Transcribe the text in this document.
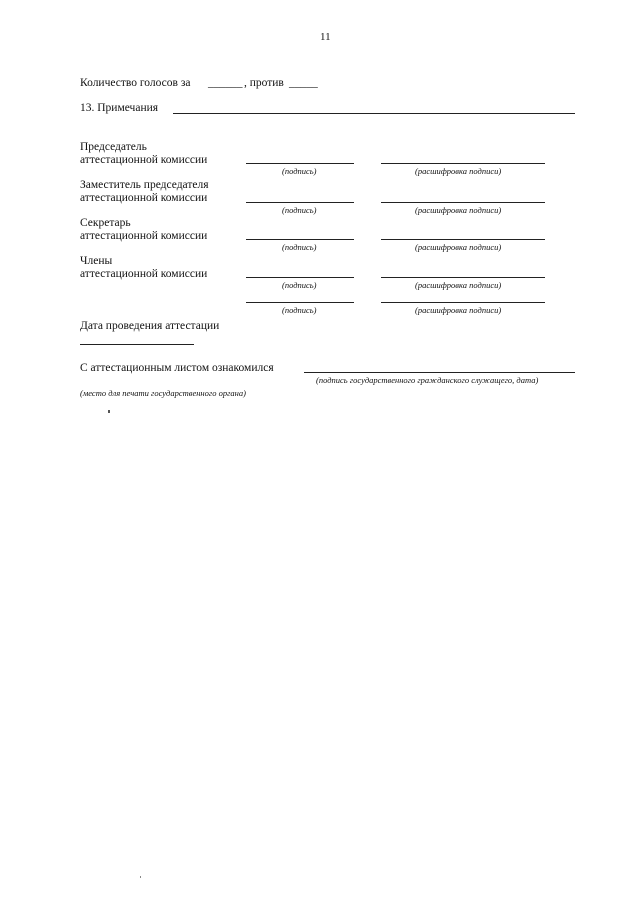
11
Количество голосов за ______ , против _____
13. Примечания
Председатель
аттестационной комиссии
(подпись)	(расшифровка подписи)
Заместитель председателя
аттестационной комиссии
(подпись)	(расшифровка подписи)
Секретарь
аттестационной комиссии
(подпись)	(расшифровка подписи)
Члены
аттестационной комиссии
(подпись)	(расшифровка подписи)
(подпись)	(расшифровка подписи)
Дата проведения аттестации
С аттестационным листом ознакомился
(подпись государственного гражданского служащего, дата)
(место для печати государственного органа)
